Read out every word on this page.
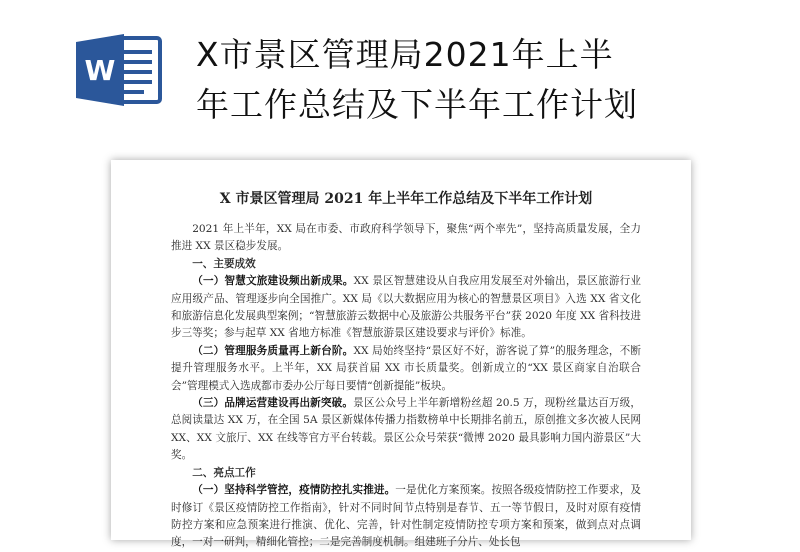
W X市景区管理局2021年上半
年工作总结及下半年工作计划
X 市景区管理局 2021 年上半年工作总结及下半年工作计划

2021 年上半年，XX 局在市委、市政府科学领导下，聚焦“两个率先”，坚持高质量发展，全力推进 XX 景区稳步发展。

一、主要成效

（一）智慧文旅建设频出新成果。XX 景区智慧建设从自我应用发展至对外输出，景区旅游行业应用级产品、管理逐步向全国推广。XX 局《以大数据应用为核心的智慧景区项目》入选 XX 省文化和旅游信息化发展典型案例；“智慧旅游云数据中心及旅游公共服务平台”获 2020 年度 XX 省科技进步三等奖；参与起草 XX 省地方标准《智慧旅游景区建设要求与评价》标准。

（二）管理服务质量再上新台阶。XX 局始终坚持“景区好不好，游客说了算”的服务理念，不断提升管理服务水平。上半年，XX 局获首届 XX 市长质量奖。创新成立的“XX 景区商家自治联合会”管理模式入选成都市委办公厅每日要情“创新提能”板块。

（三）品牌运营建设再出新突破。景区公众号上半年新增粉丝超 20.5 万，现粉丝量达百万级，总阅读量达 XX 万，在全国 5A 景区新媒体传播力指数榜单中长期排名前五，原创推文多次被人民网 XX、XX 文旅厅、XX 在线等官方平台转载。景区公众号荣获“微博 2020 最具影响力国内游景区”大奖。

二、亮点工作

（一）坚持科学管控，疫情防控扎实推进。一是优化方案预案。按照各级疫情防控工作要求，及时修订《景区疫情防控工作指南》，针对不同时间节点特别是春节、五一等节假日，及时对原有疫情防控方案和应急预案进行推演、优化、完善，针对性制定疫情防控专项方案和预案，做到点对点调度，一对一研判，精细化管控；二是完善制度机制。组建班子分片、处长包
